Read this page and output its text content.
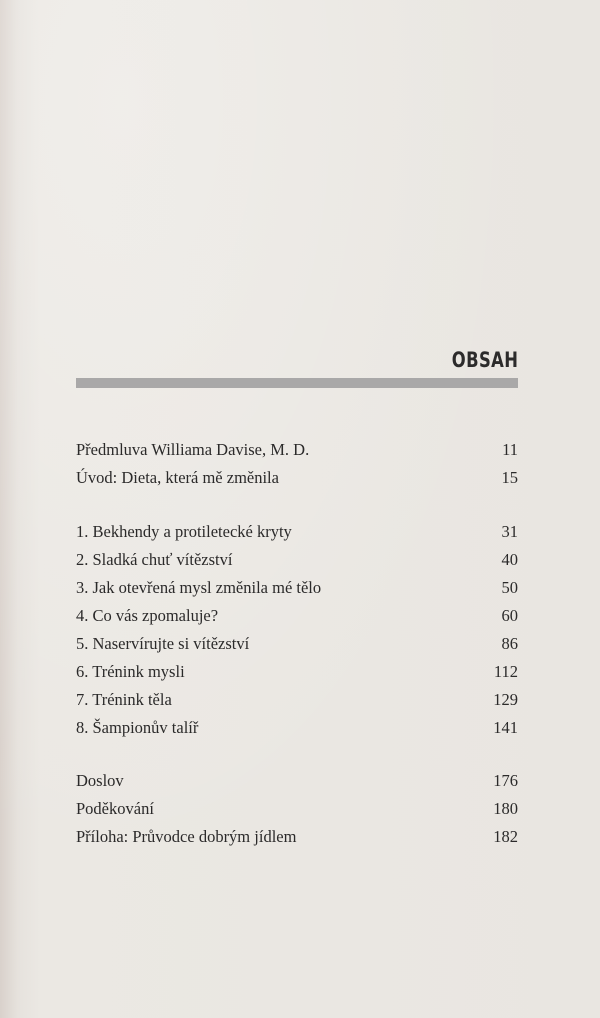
OBSAH
Předmluva Williama Davise, M. D.	11
Úvod: Dieta, která mě změnila	15
1. Bekhendy a protiletecké kryty	31
2. Sladká chuť vítězství	40
3. Jak otevřená mysl změnila mé tělo	50
4. Co vás zpomaluje?	60
5. Naservírujte si vítězství	86
6. Trénink mysli	112
7. Trénink těla	129
8. Šampionův talíř	141
Doslov	176
Poděkování	180
Příloha: Průvodce dobrým jídlem	182
